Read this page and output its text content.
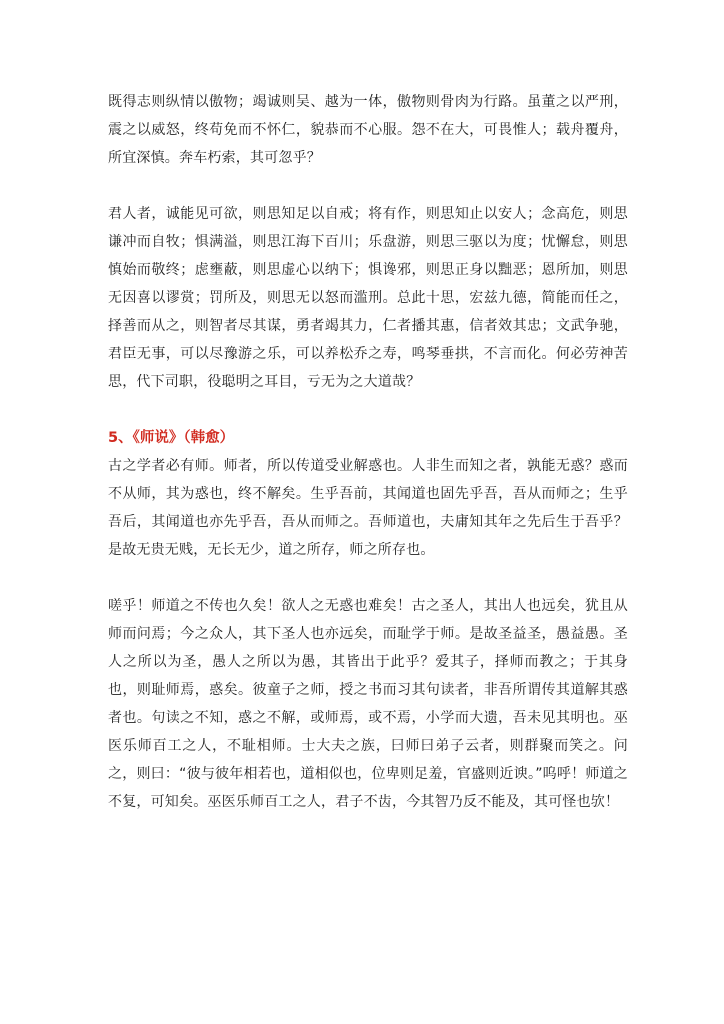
既得志则纵情以傲物；竭诚则吴、越为一体，傲物则骨肉为行路。虽董之以严刑，震之以威怒，终苟免而不怀仁，貌恭而不心服。怨不在大，可畏惟人；载舟覆舟，所宜深慎。奔车朽索，其可忽乎？

君人者，诚能见可欲，则思知足以自戒；将有作，则思知止以安人；念高危，则思谦冲而自牧；惧满溢，则思江海下百川；乐盘游，则思三驱以为度；忧懈怠，则思慎始而敬终；虑壅蔽，则思虚心以纳下；惧谗邪，则思正身以黜恶；恩所加，则思无因喜以谬赏；罚所及，则思无以怒而滥刑。总此十思，宏兹九德，简能而任之，择善而从之，则智者尽其谋，勇者竭其力，仁者播其惠，信者效其忠；文武争驰，君臣无事，可以尽豫游之乐，可以养松乔之寿，鸣琴垂拱，不言而化。何必劳神苦思，代下司职，役聪明之耳目，亏无为之大道哉？

5、《师说》（韩愈）

古之学者必有师。师者，所以传道受业解惑也。人非生而知之者，孰能无惑？惑而不从师，其为惑也，终不解矣。生乎吾前，其闻道也固先乎吾，吾从而师之；生乎吾后，其闻道也亦先乎吾，吾从而师之。吾师道也，夫庸知其年之先后生于吾乎？是故无贵无贱，无长无少，道之所存，师之所存也。

嗟乎！师道之不传也久矣！欲人之无惑也难矣！古之圣人，其出人也远矣，犹且从师而问焉；今之众人，其下圣人也亦远矣，而耻学于师。是故圣益圣，愚益愚。圣人之所以为圣，愚人之所以为愚，其皆出于此乎？爱其子，择师而教之；于其身也，则耻师焉，惑矣。彼童子之师，授之书而习其句读者，非吾所谓传其道解其惑者也。句读之不知，惑之不解，或师焉，或不焉，小学而大遗，吾未见其明也。巫医乐师百工之人，不耻相师。士大夫之族，曰师曰弟子云者，则群聚而笑之。问之，则曰：“彼与彼年相若也，道相似也，位卑则足羞，官盛则近谀。”呜呼！师道之不复，可知矣。巫医乐师百工之人，君子不齿，今其智乃反不能及，其可怪也欤！
